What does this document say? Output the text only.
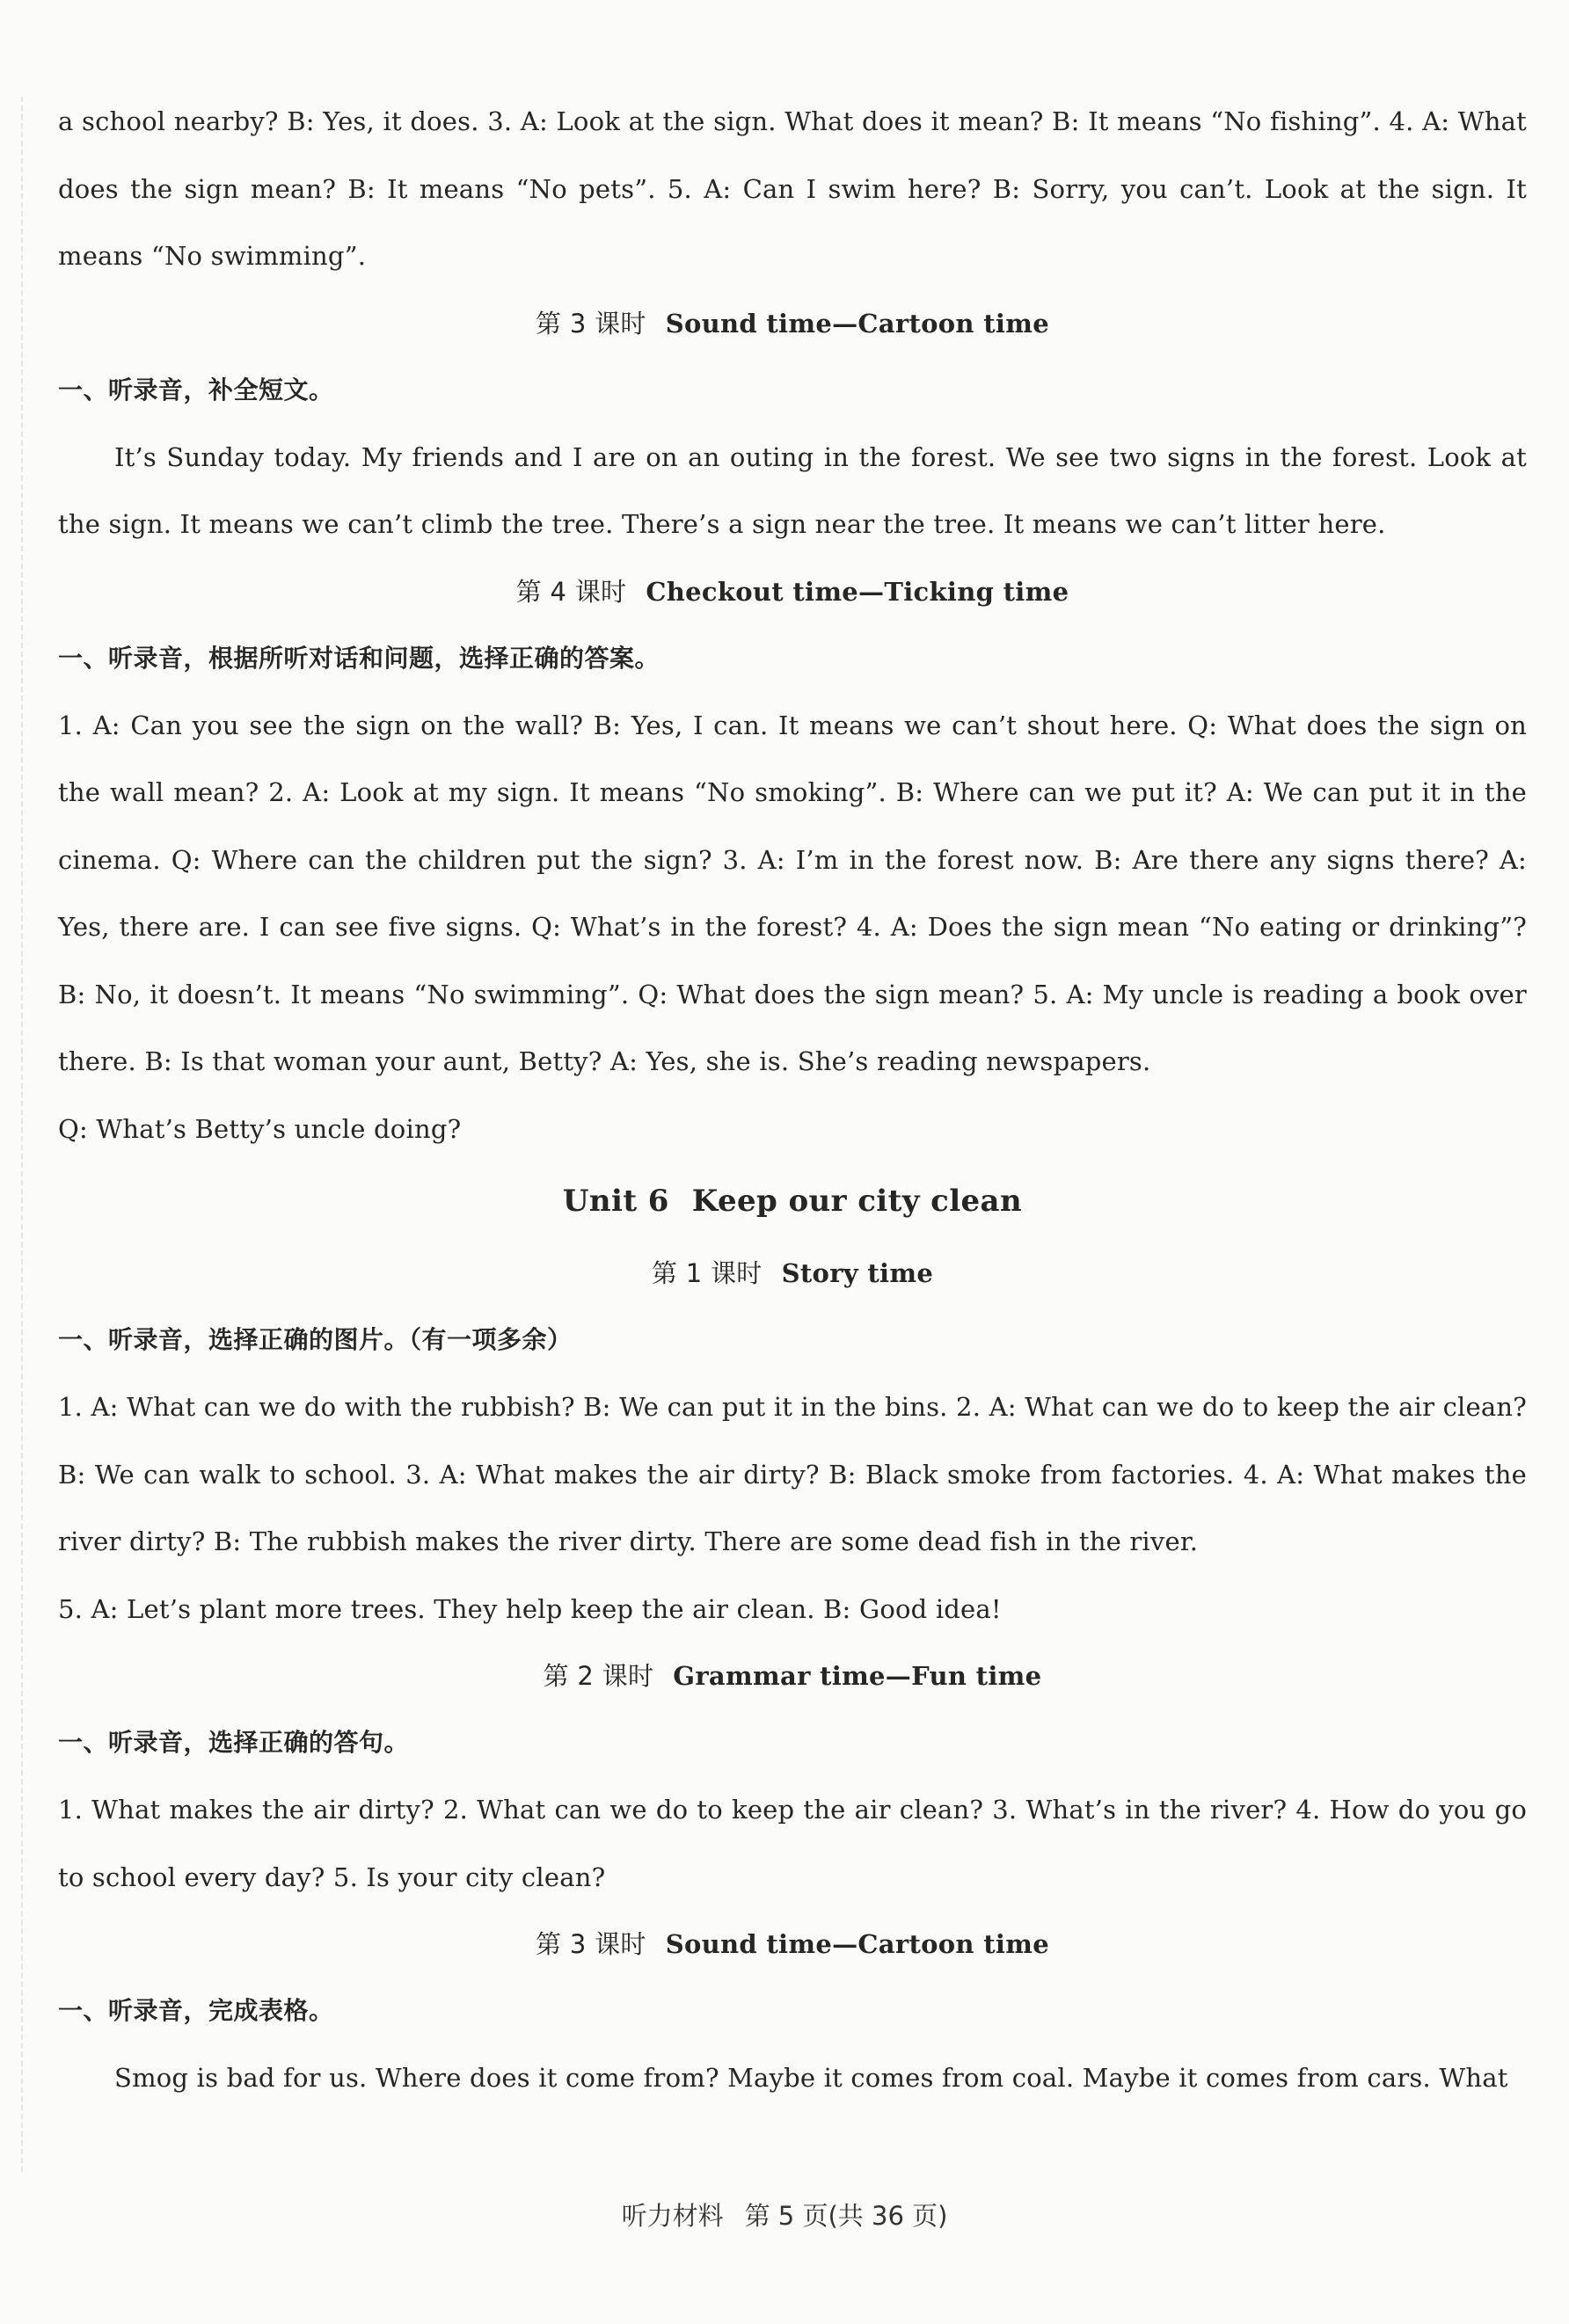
a school nearby? B: Yes, it does. 3. A: Look at the sign. What does it mean? B: It means “No fishing”. 4. A: What does the sign mean? B: It means “No pets”. 5. A: Can I swim here? B: Sorry, you can’t. Look at the sign. It means “No swimming”.

第 3 课时 Sound time—Cartoon time

一、听录音，补全短文。

It’s Sunday today. My friends and I are on an outing in the forest. We see two signs in the forest. Look at the sign. It means we can’t climb the tree. There’s a sign near the tree. It means we can’t litter here.

第 4 课时 Checkout time—Ticking time

一、听录音，根据所听对话和问题，选择正确的答案。

1. A: Can you see the sign on the wall? B: Yes, I can. It means we can’t shout here. Q: What does the sign on the wall mean? 2. A: Look at my sign. It means “No smoking”. B: Where can we put it? A: We can put it in the cinema. Q: Where can the children put the sign? 3. A: I’m in the forest now. B: Are there any signs there? A: Yes, there are. I can see five signs. Q: What’s in the forest? 4. A: Does the sign mean “No eating or drinking”? B: No, it doesn’t. It means “No swimming”. Q: What does the sign mean? 5. A: My uncle is reading a book over there. B: Is that woman your aunt, Betty? A: Yes, she is. She’s reading newspapers.

Q: What’s Betty’s uncle doing?

Unit 6 Keep our city clean
第 1 课时 Story time

一、听录音，选择正确的图片。（有一项多余）

1. A: What can we do with the rubbish? B: We can put it in the bins. 2. A: What can we do to keep the air clean? B: We can walk to school. 3. A: What makes the air dirty? B: Black smoke from factories. 4. A: What makes the river dirty? B: The rubbish makes the river dirty. There are some dead fish in the river.

5. A: Let’s plant more trees. They help keep the air clean. B: Good idea!

第 2 课时 Grammar time—Fun time

一、听录音，选择正确的答句。

1. What makes the air dirty? 2. What can we do to keep the air clean? 3. What’s in the river? 4. How do you go to school every day? 5. Is your city clean?

第 3 课时 Sound time—Cartoon time

一、听录音，完成表格。

Smog is bad for us. Where does it come from? Maybe it comes from coal. Maybe it comes from cars. What

听力材料 第 5 页(共 36 页)
